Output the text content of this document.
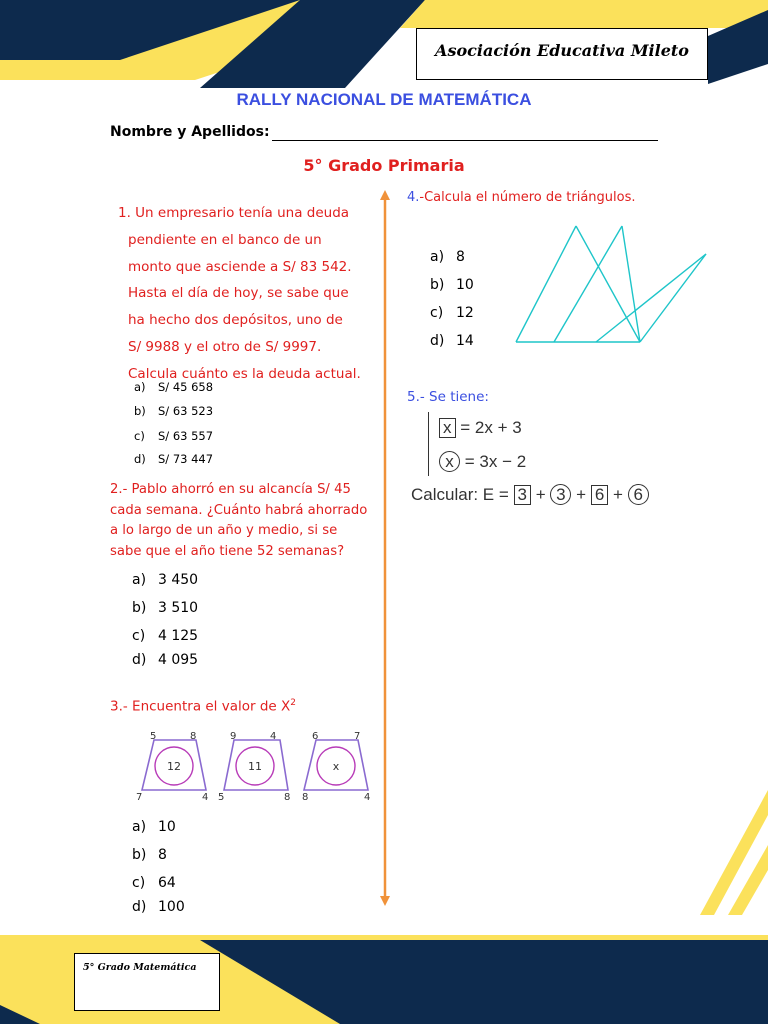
Asociación Educativa Mileto
RALLY NACIONAL DE MATEMÁTICA
Nombre y Apellidos:
5° Grado Primaria
1. Un empresario tenía una deuda
pendiente en el banco de un
monto que asciende a S/ 83 542.
Hasta el día de hoy, se sabe que
ha hecho dos depósitos, uno de
S/ 9988 y el otro de S/ 9997.
Calcula cuánto es la deuda actual.
a) S/ 45 658
b) S/ 63 523
c) S/ 63 557
d) S/ 73 447
2.- Pablo ahorró en su alcancía S/ 45
cada semana. ¿Cuánto habrá ahorrado
a lo largo de un año y medio, si se
sabe que el año tiene 52 semanas?
a) 3 450
b) 3 510
c) 4 125
d) 4 095
3.- Encuentra el valor de $X^2$
5	8
7	4
12
9	4
5	8
11
6	7
8	4
x
a) 10
b) 8
c) 64
d) 100
4.-Calcula el número de triángulos.
a) 8
b) 10
c) 12
d) 14
5.- Se tiene:
x = 2x + 3
x = 3x − 2
Calcular: E = 3 + 3 + 6 + 6
5° Grado Matemática
